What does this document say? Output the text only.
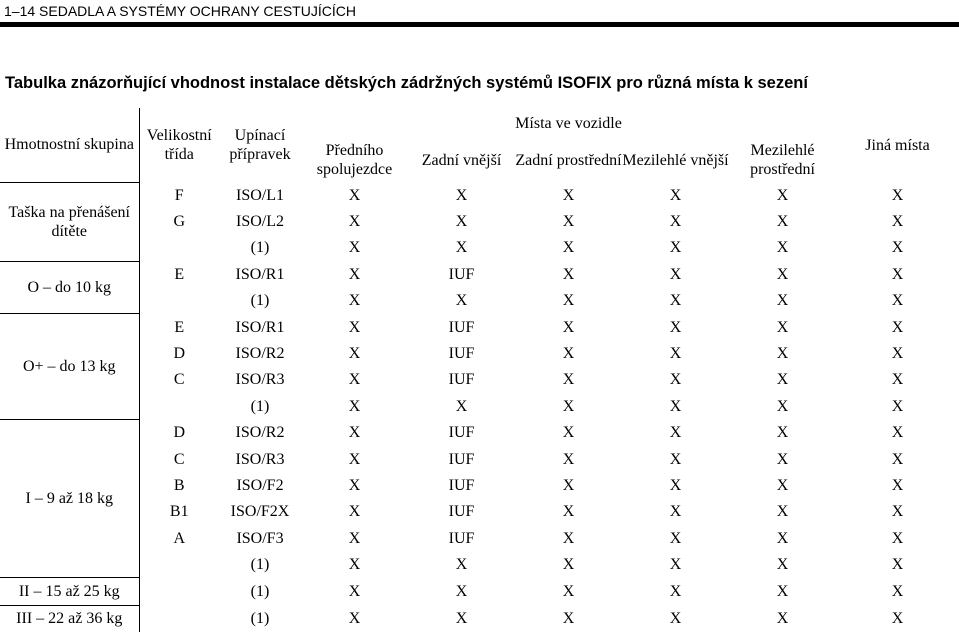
1–14 SEDADLA A SYSTÉMY OCHRANY CESTUJÍCÍCH
Tabulka znázorňující vhodnost instalace dětských zádržných systémů ISOFIX pro různá místa k sezení
Hmotnostní skupina	Velikostní třída	Upínací přípravek	Místa ve vozidle					Jiná místa
			Předního spolujezdce	Zadní vnější	Zadní prostřední	Mezilehlé vnější	Mezilehlé prostřední	
Taška na přenášení dítěte	F	ISO/L1	X	X	X	X	X	X
	G	ISO/L2	X	X	X	X	X	X
		(1)	X	X	X	X	X	X
O – do 10 kg	E	ISO/R1	X	IUF	X	X	X	X
		(1)	X	X	X	X	X	X
O+ – do 13 kg	E	ISO/R1	X	IUF	X	X	X	X
	D	ISO/R2	X	IUF	X	X	X	X
	C	ISO/R3	X	IUF	X	X	X	X
		(1)	X	X	X	X	X	X
I – 9 až 18 kg	D	ISO/R2	X	IUF	X	X	X	X
	C	ISO/R3	X	IUF	X	X	X	X
	B	ISO/F2	X	IUF	X	X	X	X
	B1	ISO/F2X	X	IUF	X	X	X	X
	A	ISO/F3	X	IUF	X	X	X	X
		(1)	X	X	X	X	X	X
II – 15 až 25 kg		(1)	X	X	X	X	X	X
III – 22 až 36 kg		(1)	X	X	X	X	X	X
